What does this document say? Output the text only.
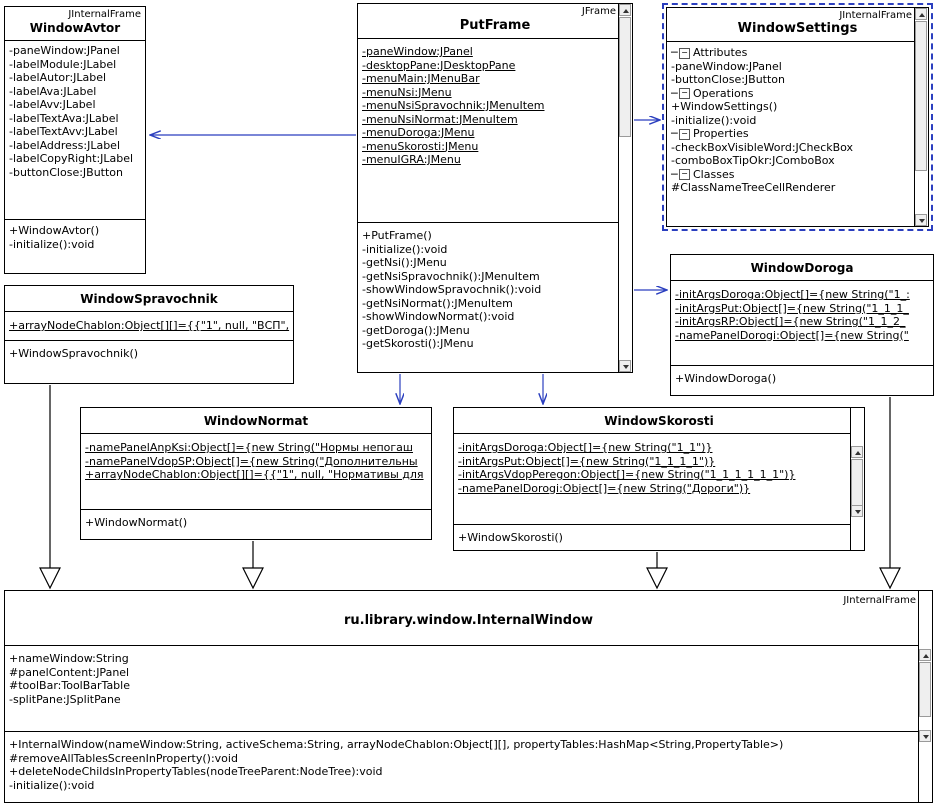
JInternalFrame
WindowAvtor
-paneWindow:JPanel
-labelModule:JLabel
-labelAutor:JLabel
-labelAva:JLabel
-labelAvv:JLabel
-labelTextAva:JLabel
-labelTextAvv:JLabel
-labelAddress:JLabel
-labelCopyRight:JLabel
-buttonClose:JButton
+WindowAvtor()
-initialize():void
JFrame
PutFrame
-paneWindow:JPanel
-desktopPane:JDesktopPane
-menuMain:JMenuBar
-menuNsi:JMenu
-menuNsiSpravochnik:JMenuItem
-menuNsiNormat:JMenuItem
-menuDoroga:JMenu
-menuSkorosti:JMenu
-menuIGRA:JMenu
+PutFrame()
-initialize():void
-getNsi():JMenu
-getNsiSpravochnik():JMenuItem
-showWindowSpravochnik():void
-getNsiNormat():JMenuItem
-showWindowNormat():void
-getDoroga():JMenu
-getSkorosti():JMenu
JInternalFrame
WindowSettings
─ − Attributes
-paneWindow:JPanel
-buttonClose:JButton
─ − Operations
+WindowSettings()
-initialize():void
─ − Properties
-checkBoxVisibleWord:JCheckBox
-comboBoxTipOkr:JComboBox
─ − Classes
#ClassNameTreeCellRenderer
WindowSpravochnik
+arrayNodeChablon:Object[][]={{"1", null, "ВСП",
+WindowSpravochnik()
WindowDoroga
-initArgsDoroga:Object[]={new String("1_:
-initArgsPut:Object[]={new String("1_1_1_
-initArgsRP:Object[]={new String("1_1_2_
-namePanelDorogi:Object[]={new String("
+WindowDoroga()
WindowNormat
-namePanelAnpKsi:Object[]={new String("Нормы непогаш
-namePanelVdopSP:Object[]={new String("Дополнительны
+arrayNodeChablon:Object[][]={{"1", null, "Нормативы для
+WindowNormat()
WindowSkorosti
-initArgsDoroga:Object[]={new String("1_1")}
-initArgsPut:Object[]={new String("1_1_1_1")}
-initArgsVdopPeregon:Object[]={new String("1_1_1_1_1_1")}
-namePanelDorogi:Object[]={new String("Дороги")}
+WindowSkorosti()
JInternalFrame
ru.library.window.InternalWindow
+nameWindow:String
#panelContent:JPanel
#toolBar:ToolBarTable
-splitPane:JSplitPane
+InternalWindow(nameWindow:String, activeSchema:String, arrayNodeChablon:Object[][], propertyTables:HashMap<String,PropertyTable>)
#removeAllTablesScreenInProperty():void
+deleteNodeChildsInPropertyTables(nodeTreeParent:NodeTree):void
-initialize():void
